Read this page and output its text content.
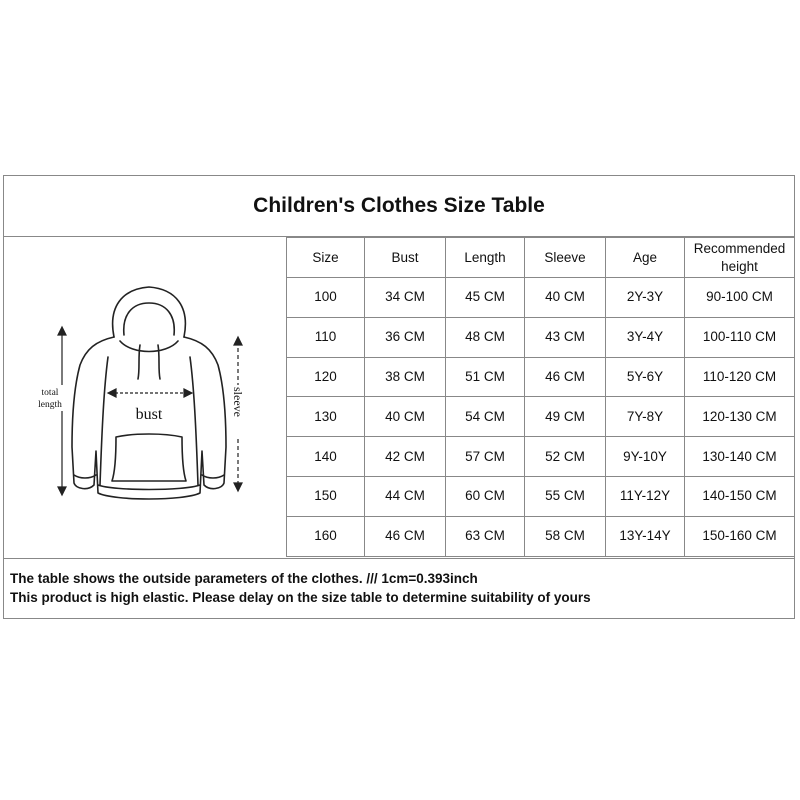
Children's Clothes Size Table
bust
total
length	sleeve
Size	Bust	Length	Sleeve	Age	Recommended
height

100	34 CM	45 CM	40 CM	2Y-3Y	90-100 CM
110	36 CM	48 CM	43 CM	3Y-4Y	100-110 CM
120	38 CM	51 CM	46 CM	5Y-6Y	110-120 CM
130	40 CM	54 CM	49 CM	7Y-8Y	120-130 CM
140	42 CM	57 CM	52 CM	9Y-10Y	130-140 CM
150	44 CM	60 CM	55 CM	11Y-12Y	140-150 CM
160	46 CM	63 CM	58 CM	13Y-14Y	150-160 CM
The table shows the outside parameters of the clothes. /// 1cm=0.393inch
This product is high elastic. Please delay on the size table to determine suitability of yours
